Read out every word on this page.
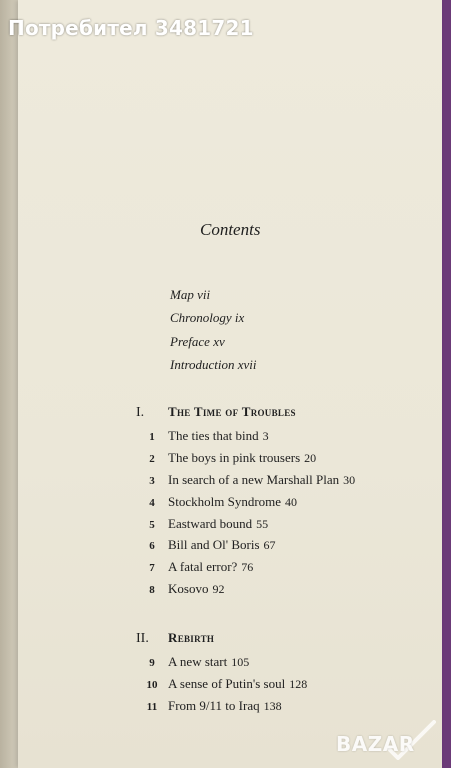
Contents
Map vii
Chronology ix
Preface xv
Introduction xvii
I. The Time of Troubles
1 The ties that bind 3
2 The boys in pink trousers 20
3 In search of a new Marshall Plan 30
4 Stockholm Syndrome 40
5 Eastward bound 55
6 Bill and Ol' Boris 67
7 A fatal error? 76
8 Kosovo 92
II. Rebirth
9 A new start 105
10 A sense of Putin's soul 128
11 From 9/11 to Iraq 138
Потребител 3481721
BAZAR
